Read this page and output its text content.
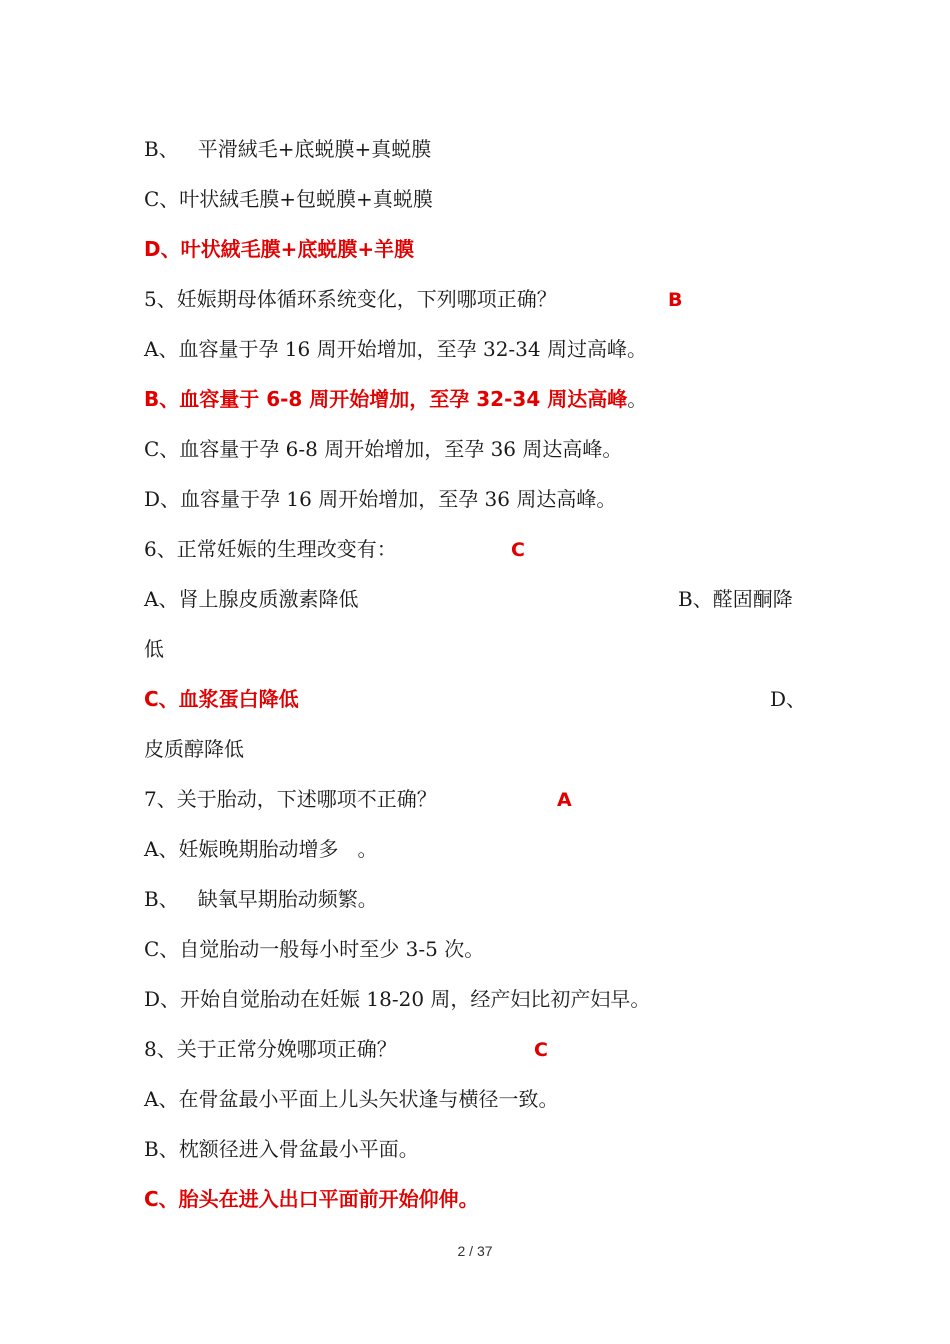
B、   平滑絨毛+底蜕膜+真蜕膜
C、叶状絨毛膜+包蜕膜+真蜕膜
D、叶状絨毛膜+底蜕膜+羊膜
5、妊娠期母体循环系统变化，下列哪项正确？	B
A、血容量于孕 16 周开始增加，至孕 32-34 周过高峰。
B、血容量于 6-8 周开始增加，至孕 32-34 周达高峰。
C、血容量于孕 6-8 周开始增加，至孕 36 周达高峰。
D、血容量于孕 16 周开始增加，至孕 36 周达高峰。
6、正常妊娠的生理改变有：	C
A、肾上腺皮质激素降低	B、醛固酮降
低
C、血浆蛋白降低	D、
皮质醇降低
7、关于胎动，下述哪项不正确？	A
A、妊娠晚期胎动增多   。
B、   缺氧早期胎动频繁。
C、自觉胎动一般每小时至少 3-5 次。
D、开始自觉胎动在妊娠 18-20 周，经产妇比初产妇早。
8、关于正常分娩哪项正确？	C
A、在骨盆最小平面上儿头矢状逢与横径一致。
B、枕额径进入骨盆最小平面。
C、胎头在进入出口平面前开始仰伸。
2 / 37
